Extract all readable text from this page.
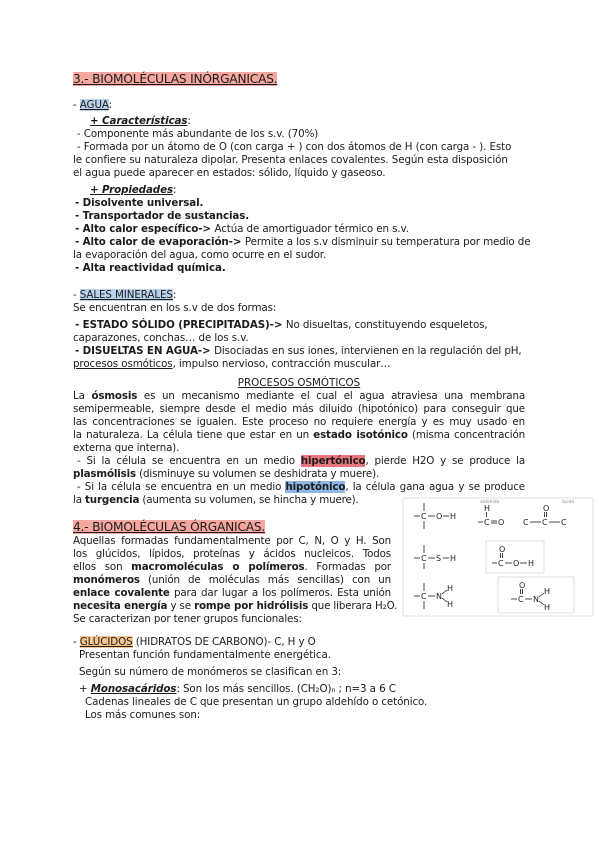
3.- BIOMOLÉCULAS INÓRGANICAS.
- AGUA:
+ Características:
- Componente más abundante de los s.v. (70%)
- Formada por un átomo de O (con carga + ) con dos átomos de H (con carga - ). Esto
le confiere su naturaleza dipolar. Presenta enlaces covalentes. Según esta disposición
el agua puede aparecer en estados: sólido, líquido y gaseoso.
+ Propiedades:
- Disolvente universal.
- Transportador de sustancias.
- Alto calor específico-> Actúa de amortiguador térmico en s.v.
- Alto calor de evaporación-> Permite a los s.v disminuir su temperatura por medio de
la evaporación del agua, como ocurre en el sudor.
- Alta reactividad química.
- SALES MINERALES:
Se encuentran en los s.v de dos formas:
- ESTADO SÓLIDO (PRECIPITADAS)-> No disueltas, constituyendo esqueletos,
caparazones, conchas… de los s.v.
- DISUELTAS EN AGUA-> Disociadas en sus iones, intervienen en la regulación del pH,
procesos osmóticos, impulso nervioso, contracción muscular…
PROCESOS OSMÓTICOS
La ósmosis es un mecanismo mediante el cual el agua atraviesa una membrana
semipermeable, siempre desde el medio más diluido (hipotónico) para conseguir que
las concentraciones se igualen. Este proceso no requiere energía y es muy usado en
la naturaleza. La célula tiene que estar en un estado isotónico (misma concentración
externa que interna).
- Si la célula se encuentra en un medio hipertónico, pierde H2O y se produce la
plasmólisis (disminuye su volumen se deshidrata y muere).
- Si la célula se encuentra en un medio hipotónico, la célula gana agua y se produce
la turgencia (aumenta su volumen, se hincha y muere).
4.- BIOMOLÉCULAS ÓRGANICAS.
Aquellas formadas fundamentalmente por C, N, O y H. Son
los glúcidos, lípidos, proteínas y ácidos nucleicos. Todos
ellos son macromoléculas o polímeros. Formadas por
monómeros (unión de moléculas más sencillas) con un
enlace covalente para dar lugar a los polímeros. Esta unión
necesita energía y se rompe por hidrólisis que liberara H₂O.
Se caracterizan por tener grupos funcionales:
C O H
H
C O
aldehído
O
C C C
ácido
C S H
O
C O H
C N
H
H
O
C N
H
H
- GLÚCIDOS (HIDRATOS DE CARBONO)- C, H y O
Presentan función fundamentalmente energética.
Según su número de monómeros se clasifican en 3:
+ Monosacáridos: Son los más sencillos. (CH₂O)ₙ ; n=3 a 6 C
Cadenas lineales de C que presentan un grupo aldehído o cetónico.
Los más comunes son:
